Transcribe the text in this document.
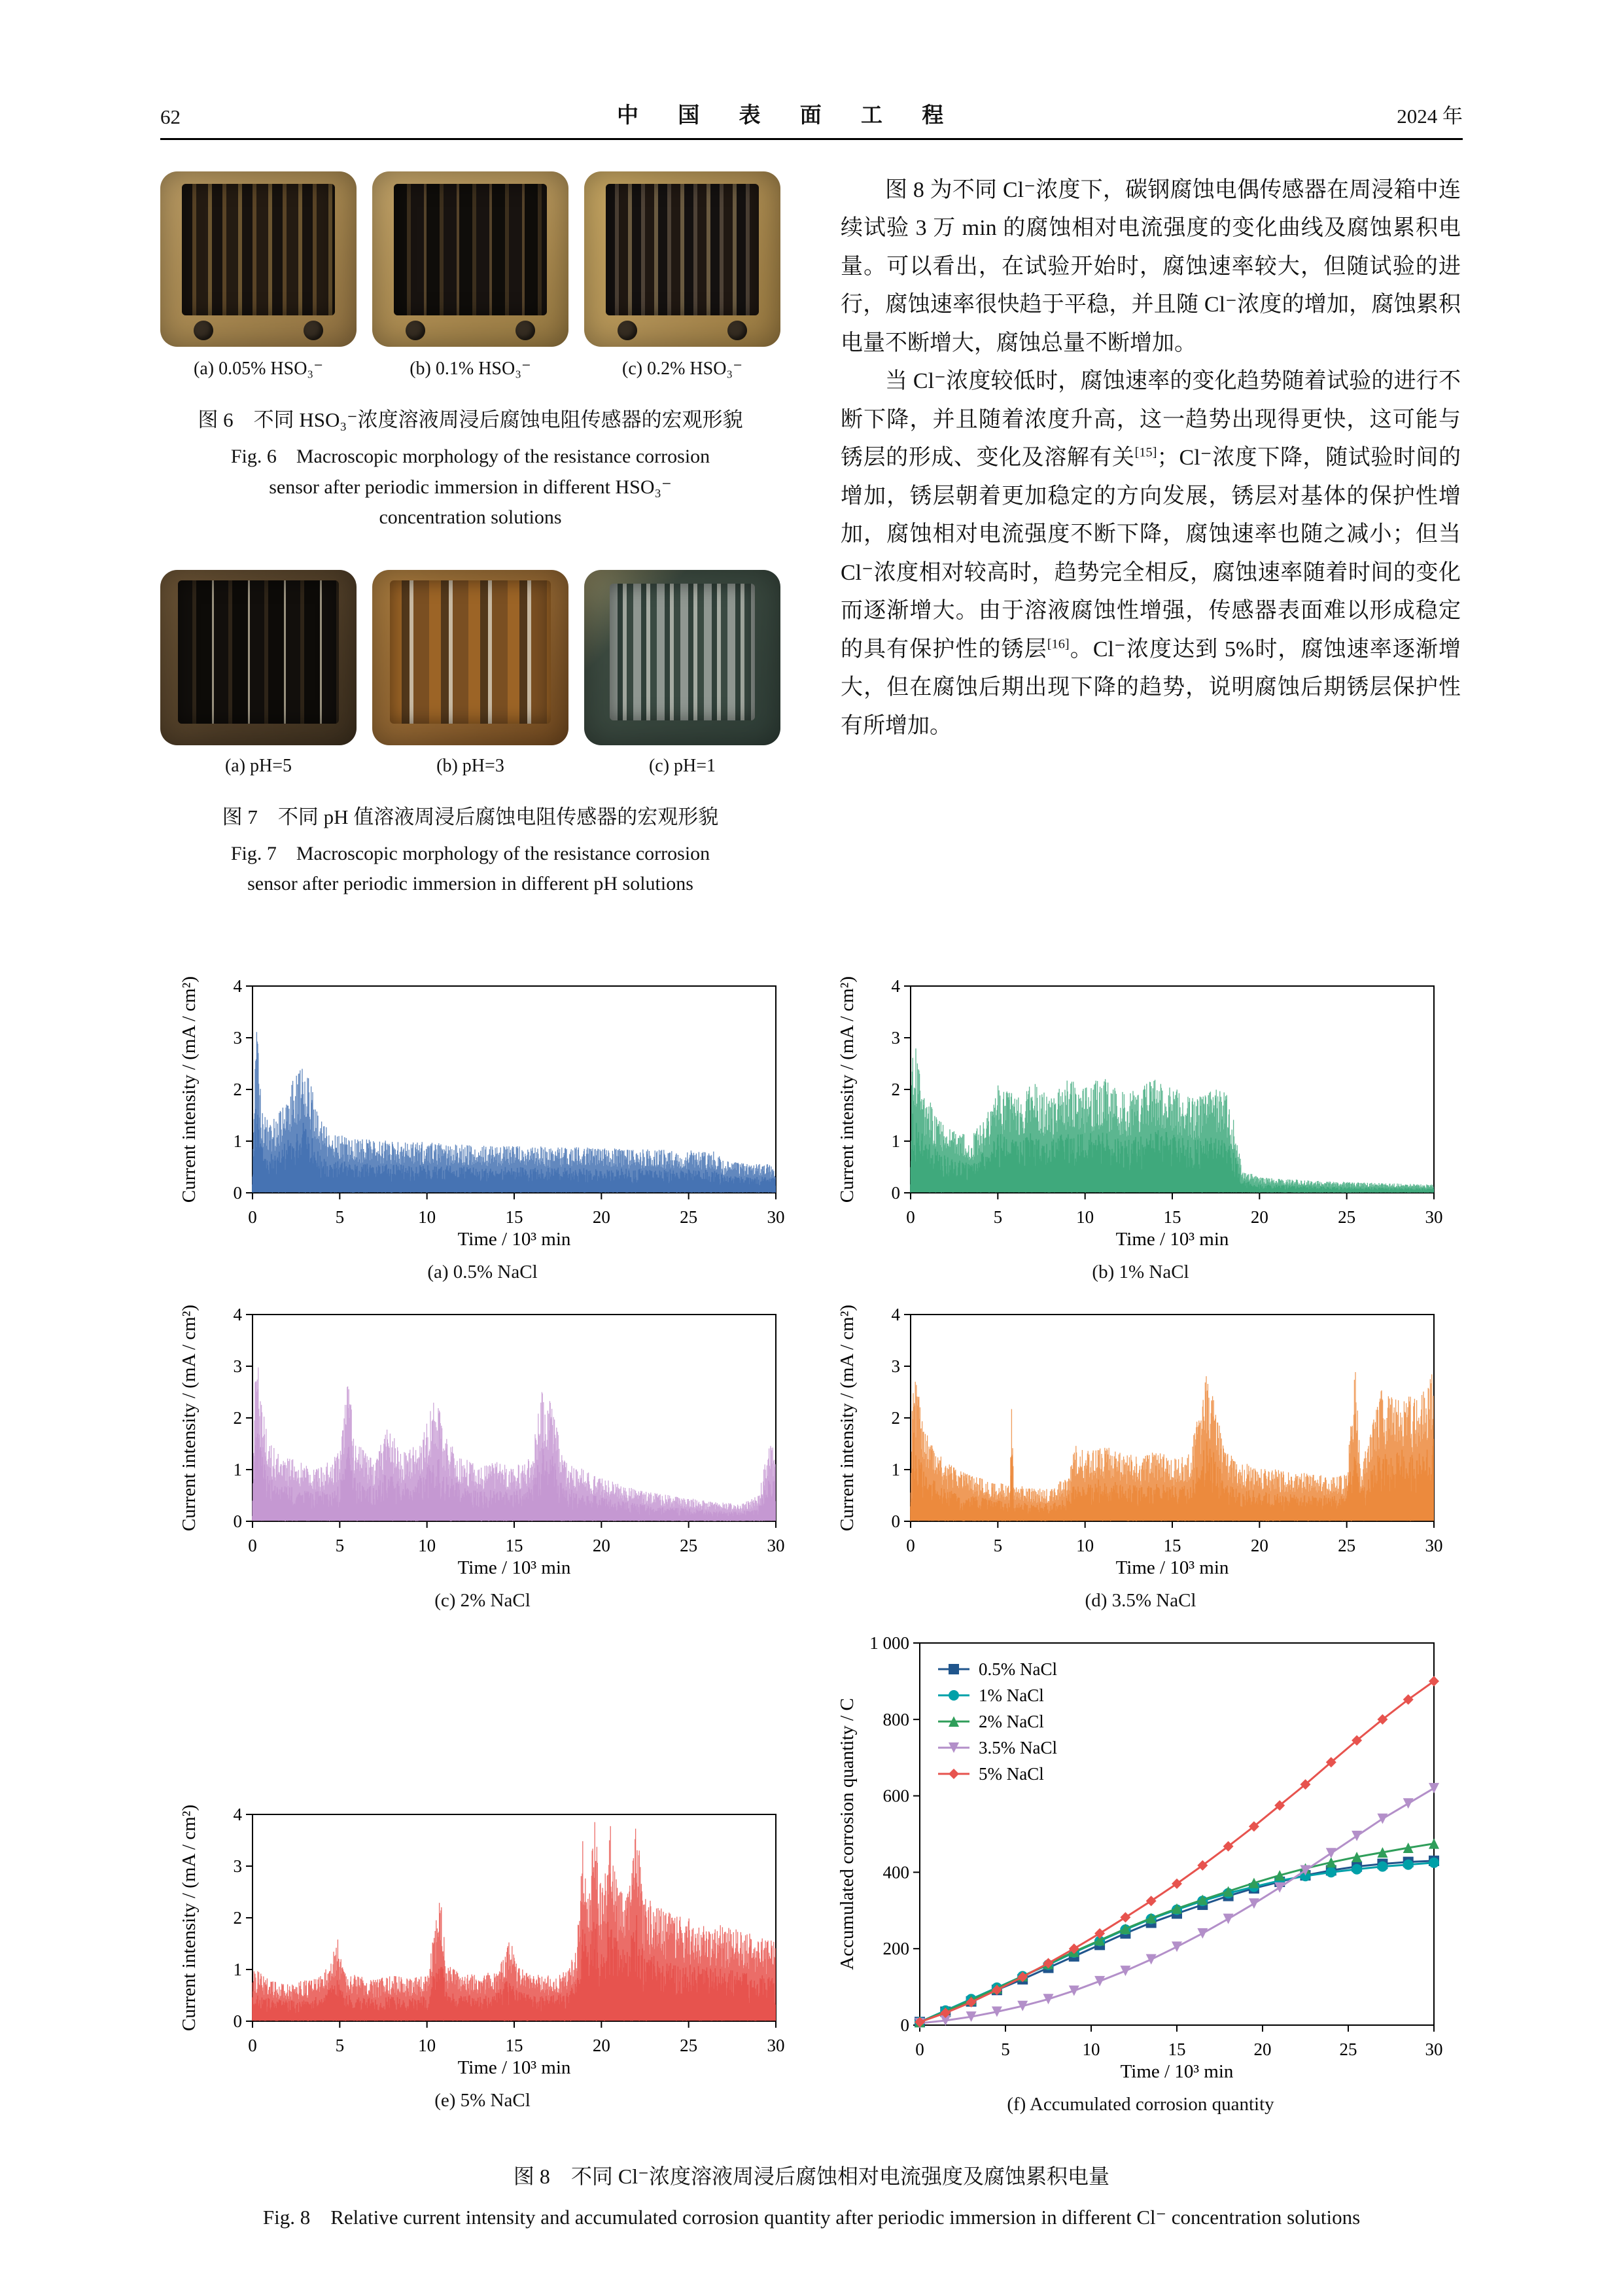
62	中 国 表 面 工 程	2024 年
(a) 0.05% HSO₃⁻	(b) 0.1% HSO₃⁻	(c) 0.2% HSO₃⁻
图 6　不同 HSO₃⁻浓度溶液周浸后腐蚀电阻传感器的宏观形貌
Fig. 6　Macroscopic morphology of the resistance corrosion sensor after periodic immersion in different HSO₃⁻ concentration solutions
(a) pH=5	(b) pH=3	(c) pH=1
图 7　不同 pH 值溶液周浸后腐蚀电阻传感器的宏观形貌
Fig. 7　Macroscopic morphology of the resistance corrosion sensor after periodic immersion in different pH solutions

图 8 为不同 Cl⁻浓度下，碳钢腐蚀电偶传感器在周浸箱中连续试验 3 万 min 的腐蚀相对电流强度的变化曲线及腐蚀累积电量。可以看出，在试验开始时，腐蚀速率较大，但随试验的进行，腐蚀速率很快趋于平稳，并且随 Cl⁻浓度的增加，腐蚀累积电量不断增大，腐蚀总量不断增加。

当 Cl⁻浓度较低时，腐蚀速率的变化趋势随着试验的进行不断下降，并且随着浓度升高，这一趋势出现得更快，这可能与锈层的形成、变化及溶解有关[15]；Cl⁻浓度下降，随试验时间的增加，锈层朝着更加稳定的方向发展，锈层对基体的保护性增加，腐蚀相对电流强度不断下降，腐蚀速率也随之减小；但当 Cl⁻浓度相对较高时，趋势完全相反，腐蚀速率随着时间的变化而逐渐增大。由于溶液腐蚀性增强，传感器表面难以形成稳定的具有保护性的锈层[16]。Cl⁻浓度达到 5%时，腐蚀速率逐渐增大，但在腐蚀后期出现下降的趋势，说明腐蚀后期锈层保护性有所增加。

0	5	10	15	20	25	30
0
1
2
3
4
Time / 10³ min
Current intensity / (mA / cm²)
(a) 0.5% NaCl
0	5	10	15	20	25	30
0
1
2
3
4
Time / 10³ min
Current intensity / (mA / cm²)
(c) 2% NaCl
0	5	10	15	20	25	30
0
1
2
3
4
Time / 10³ min
Current intensity / (mA / cm²)
(e) 5% NaCl
0	5	10	15	20	25	30
0
1
2
3
4
Time / 10³ min
Current intensity / (mA / cm²)
(b) 1% NaCl
0	5	10	15	20	25	30
0
1
2
3
4
Time / 10³ min
Current intensity / (mA / cm²)
(d) 3.5% NaCl
0	5	10	15	20	25	30
0
200
400
600
800
1 000
Time / 10³ min
Accumulated corrosion quantity / C
0.5% NaCl
1% NaCl
2% NaCl
3.5% NaCl
5% NaCl
(f) Accumulated corrosion quantity
图 8　不同 Cl⁻浓度溶液周浸后腐蚀相对电流强度及腐蚀累积电量
Fig. 8　Relative current intensity and accumulated corrosion quantity after periodic immersion in different Cl⁻ concentration solutions
